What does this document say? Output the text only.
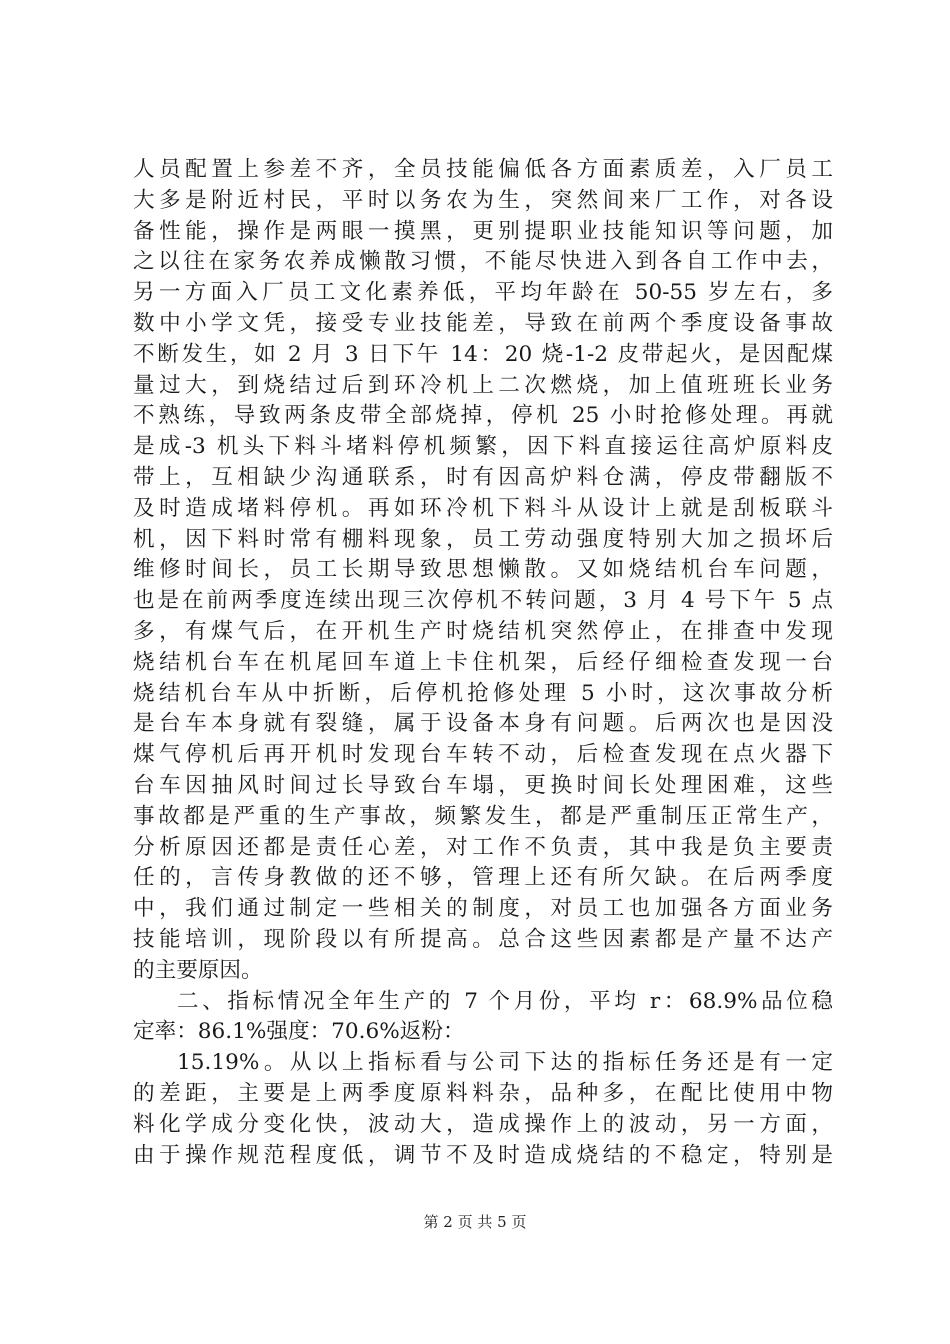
人员配置上参差不齐，全员技能偏低各方面素质差，入厂员工
大多是附近村民，平时以务农为生，突然间来厂工作，对各设
备性能，操作是两眼一摸黑，更别提职业技能知识等问题，加
之以往在家务农养成懒散习惯，不能尽快进入到各自工作中去，
另一方面入厂员工文化素养低，平均年龄在 50-55 岁左右，多
数中小学文凭，接受专业技能差，导致在前两个季度设备事故
不断发生，如 2 月 3 日下午 14：20 烧-1-2 皮带起火，是因配煤
量过大，到烧结过后到环冷机上二次燃烧，加上值班班长业务
不熟练，导致两条皮带全部烧掉，停机 25 小时抢修处理。再就
是成-3 机头下料斗堵料停机频繁，因下料直接运往高炉原料皮
带上，互相缺少沟通联系，时有因高炉料仓满，停皮带翻版不
及时造成堵料停机。再如环冷机下料斗从设计上就是刮板联斗
机，因下料时常有棚料现象，员工劳动强度特别大加之损坏后
维修时间长，员工长期导致思想懒散。又如烧结机台车问题，
也是在前两季度连续出现三次停机不转问题，3 月 4 号下午 5 点
多，有煤气后，在开机生产时烧结机突然停止，在排查中发现
烧结机台车在机尾回车道上卡住机架，后经仔细检查发现一台
烧结机台车从中折断，后停机抢修处理 5 小时，这次事故分析
是台车本身就有裂缝，属于设备本身有问题。后两次也是因没
煤气停机后再开机时发现台车转不动，后检查发现在点火器下
台车因抽风时间过长导致台车塌，更换时间长处理困难，这些
事故都是严重的生产事故，频繁发生，都是严重制压正常生产，
分析原因还都是责任心差，对工作不负责，其中我是负主要责
任的，言传身教做的还不够，管理上还有所欠缺。在后两季度
中，我们通过制定一些相关的制度，对员工也加强各方面业务
技能培训，现阶段以有所提高。总合这些因素都是产量不达产
的主要原因。
二、指标情况全年生产的 7 个月份，平均 r：68.9%品位稳
定率：86.1%强度：70.6%返粉：
15.19%。从以上指标看与公司下达的指标任务还是有一定
的差距，主要是上两季度原料料杂，品种多，在配比使用中物
料化学成分变化快，波动大，造成操作上的波动，另一方面，
由于操作规范程度低，调节不及时造成烧结的不稳定，特别是
第 2 页 共 5 页
